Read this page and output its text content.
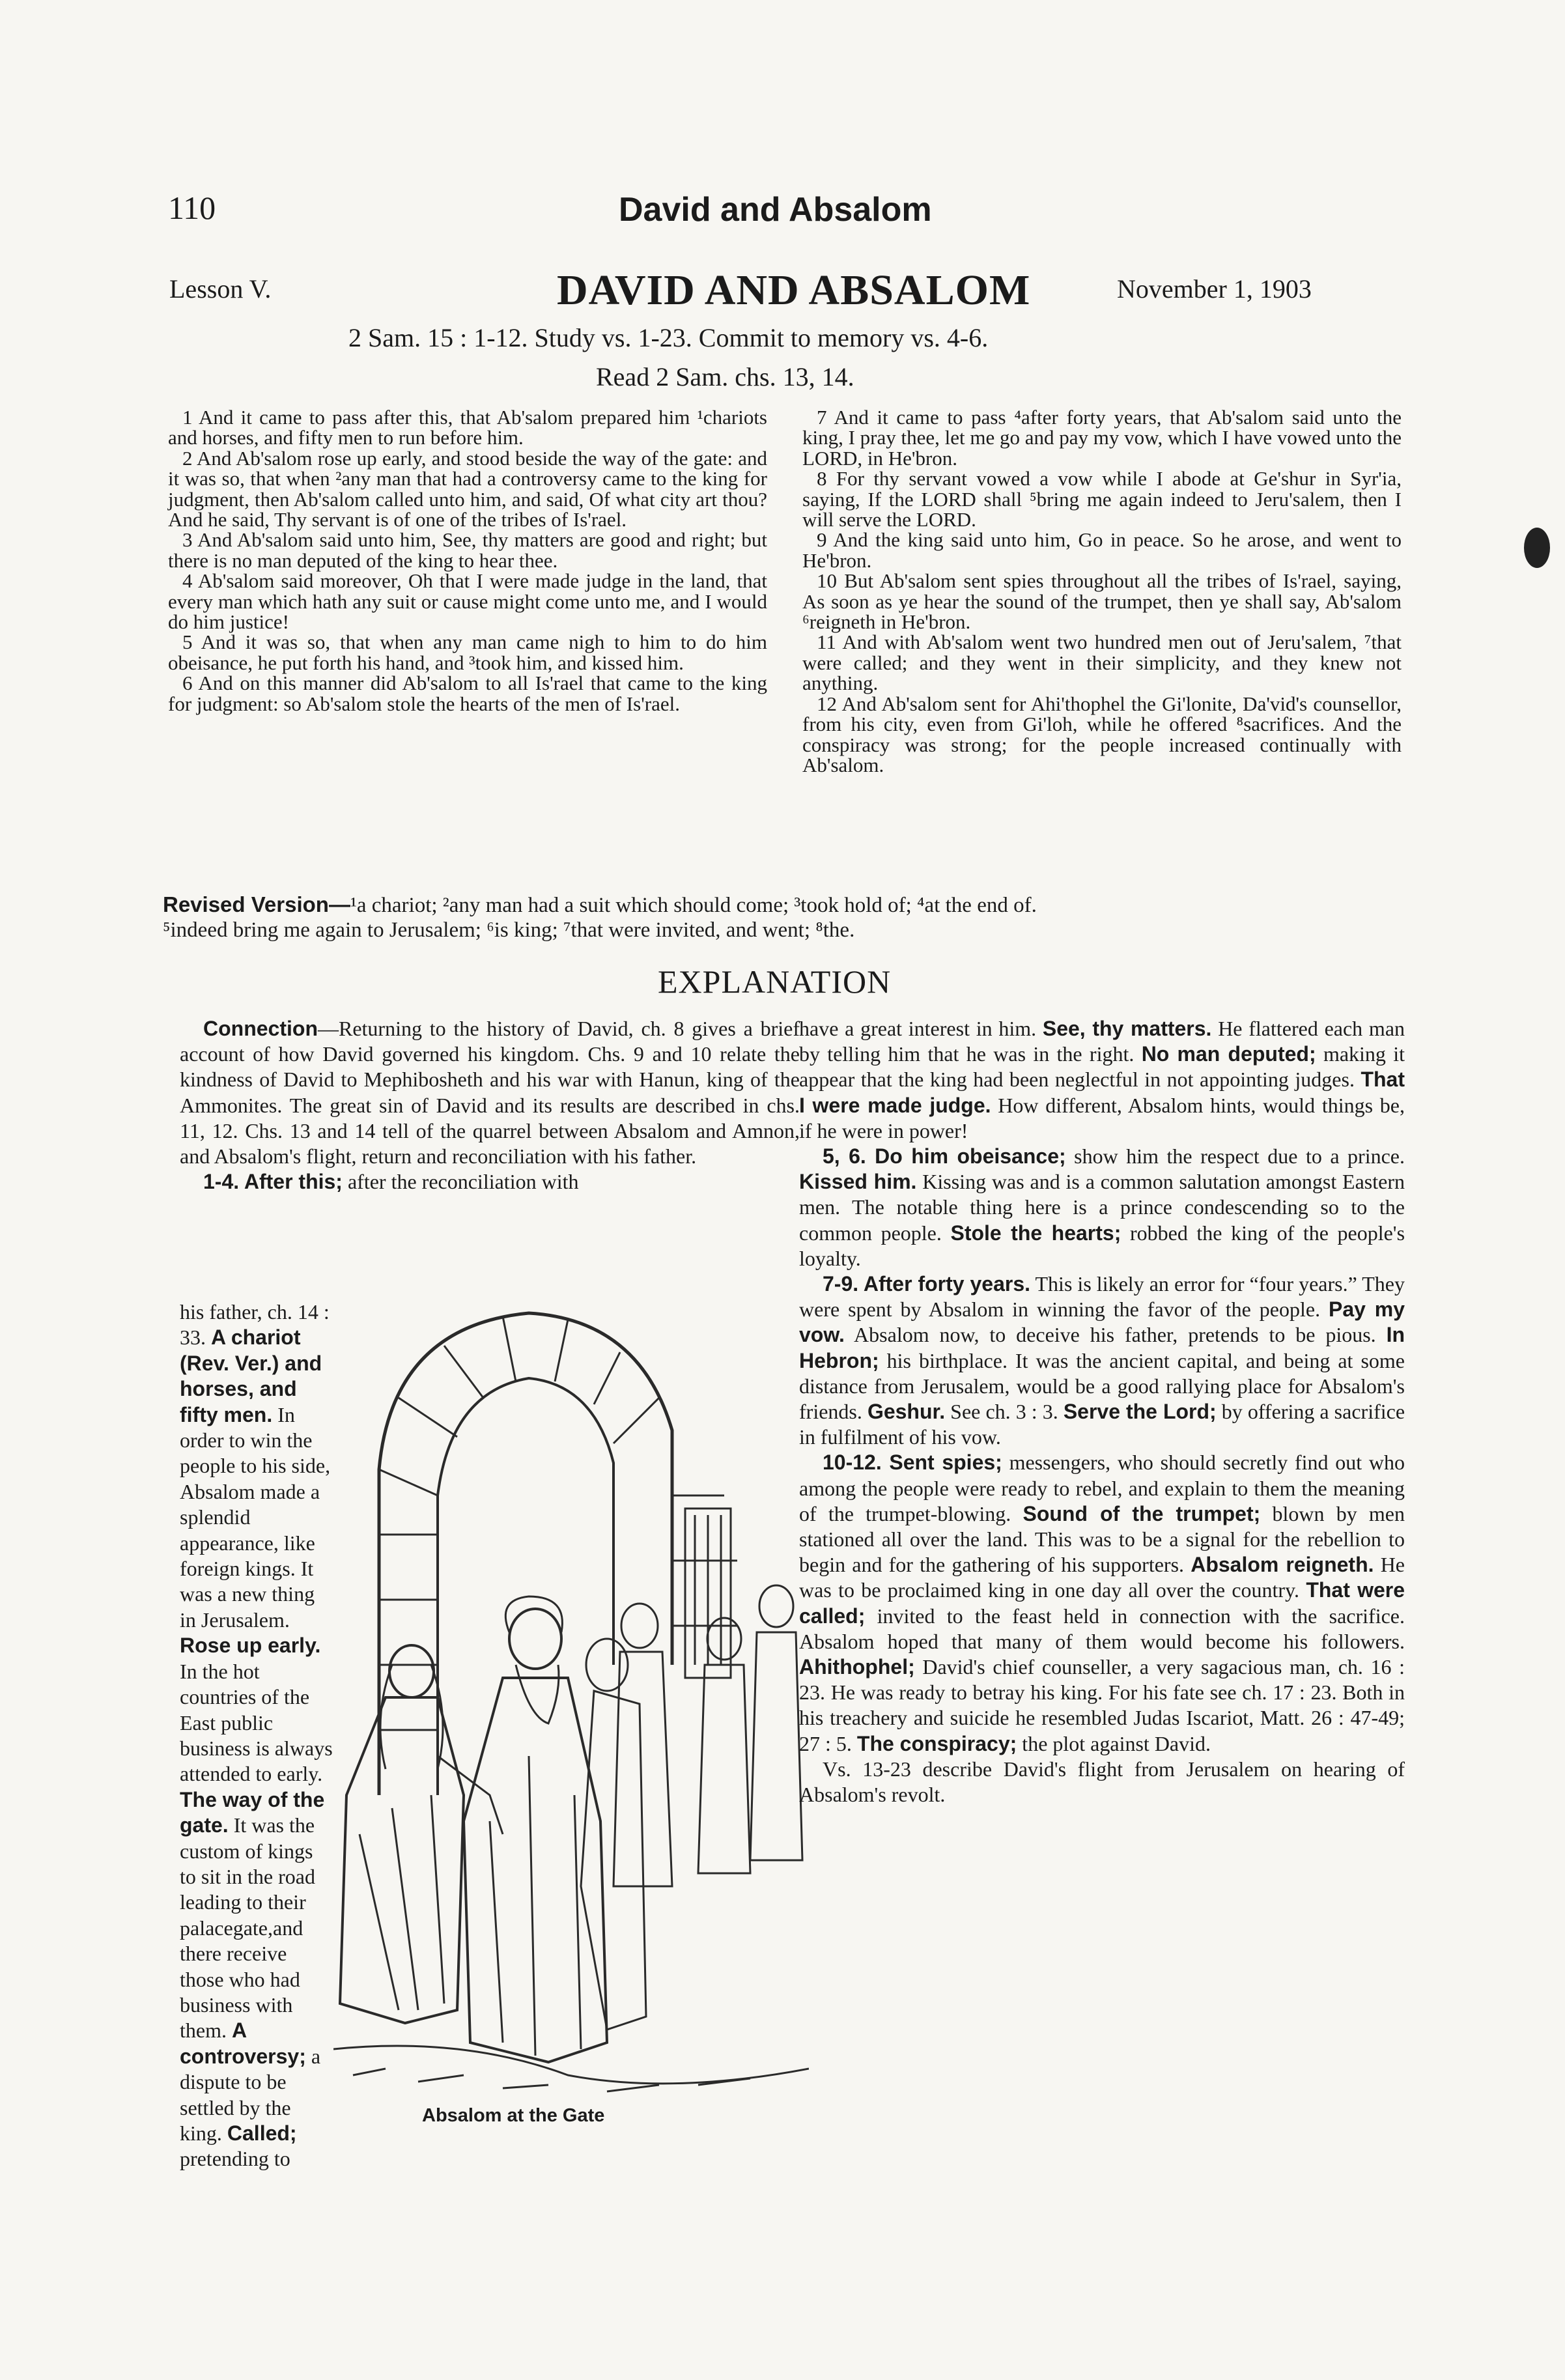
110	David and Absalom
Lesson V.	DAVID AND ABSALOM	November 1, 1903
2 Sam. 15 : 1-12. Study vs. 1-23. Commit to memory vs. 4-6.
Read 2 Sam. chs. 13, 14.

1 And it came to pass after this, that Ab'salom prepared him ¹chariots and horses, and fifty men to run before him.

2 And Ab'salom rose up early, and stood beside the way of the gate: and it was so, that when ²any man that had a controversy came to the king for judgment, then Ab'salom called unto him, and said, Of what city art thou? And he said, Thy servant is of one of the tribes of Is'rael.

3 And Ab'salom said unto him, See, thy matters are good and right; but there is no man deputed of the king to hear thee.

4 Ab'salom said moreover, Oh that I were made judge in the land, that every man which hath any suit or cause might come unto me, and I would do him justice!

5 And it was so, that when any man came nigh to him to do him obeisance, he put forth his hand, and ³took him, and kissed him.

6 And on this manner did Ab'salom to all Is'rael that came to the king for judgment: so Ab'salom stole the hearts of the men of Is'rael.

7 And it came to pass ⁴after forty years, that Ab'salom said unto the king, I pray thee, let me go and pay my vow, which I have vowed unto the LORD, in He'bron.

8 For thy servant vowed a vow while I abode at Ge'shur in Syr'ia, saying, If the LORD shall ⁵bring me again indeed to Jeru'salem, then I will serve the LORD.

9 And the king said unto him, Go in peace. So he arose, and went to He'bron.

10 But Ab'salom sent spies throughout all the tribes of Is'rael, saying, As soon as ye hear the sound of the trumpet, then ye shall say, Ab'salom ⁶reigneth in He'bron.

11 And with Ab'salom went two hundred men out of Jeru'salem, ⁷that were called; and they went in their simplicity, and they knew not anything.

12 And Ab'salom sent for Ahi'thophel the Gi'lonite, Da'vid's counsellor, from his city, even from Gi'loh, while he offered ⁸sacrifices. And the conspiracy was strong; for the people increased continually with Ab'salom.

Revised Version—¹a chariot; ²any man had a suit which should come; ³took hold of; ⁴at the end of.
⁵indeed bring me again to Jerusalem; ⁶is king; ⁷that were invited, and went; ⁸the.
EXPLANATION

Connection—Returning to the history of David, ch. 8 gives a brief account of how David governed his kingdom. Chs. 9 and 10 relate the kindness of David to Mephibosheth and his war with Hanun, king of the Ammonites. The great sin of David and its results are described in chs. 11, 12. Chs. 13 and 14 tell of the quarrel between Absalom and Amnon, and Absalom's flight, return and reconciliation with his father.

1-4. After this; after the reconciliation with

his father, ch. 14 : 33. A chariot (Rev. Ver.) and horses, and fifty men. In order to win the people to his side, Absalom made a splendid appearance, like foreign kings. It was a new thing in Jerusalem. Rose up early. In the hot countries of the East public business is always attended to early. The way of the gate. It was the custom of kings to sit in the road leading to their palacegate,and there receive those who had business with them. A controversy; a dispute to be settled by the king. Called; pretending to
Absalom at the Gate

have a great interest in him. See, thy matters. He flattered each man by telling him that he was in the right. No man deputed; making it appear that the king had been neglectful in not appointing judges. That I were made judge. How different, Absalom hints, would things be, if he were in power!

5, 6. Do him obeisance; show him the respect due to a prince. Kissed him. Kissing was and is a common salutation amongst Eastern men. The notable thing here is a prince condescending so to the common people. Stole the hearts; robbed the king of the people's loyalty.

7-9. After forty years. This is likely an error for “four years.” They were spent by Absalom in winning the favor of the people. Pay my vow. Absalom now, to deceive his father, pretends to be pious. In Hebron; his birthplace. It was the ancient capital, and being at some distance from Jerusalem, would be a good rallying place for Absalom's friends. Geshur. See ch. 3 : 3. Serve the Lord; by offering a sacrifice in fulfilment of his vow.

10-12. Sent spies; messengers, who should secretly find out who among the people were ready to rebel, and explain to them the meaning of the trumpet-blowing. Sound of the trumpet; blown by men stationed all over the land. This was to be a signal for the rebellion to begin and for the gathering of his supporters. Absalom reigneth. He was to be proclaimed king in one day all over the country. That were called; invited to the feast held in connection with the sacrifice. Absalom hoped that many of them would become his followers. Ahithophel; David's chief counseller, a very sagacious man, ch. 16 : 23. He was ready to betray his king. For his fate see ch. 17 : 23. Both in his treachery and suicide he resembled Judas Iscariot, Matt. 26 : 47-49; 27 : 5. The conspiracy; the plot against David.

Vs. 13-23 describe David's flight from Jerusalem on hearing of Absalom's revolt.
